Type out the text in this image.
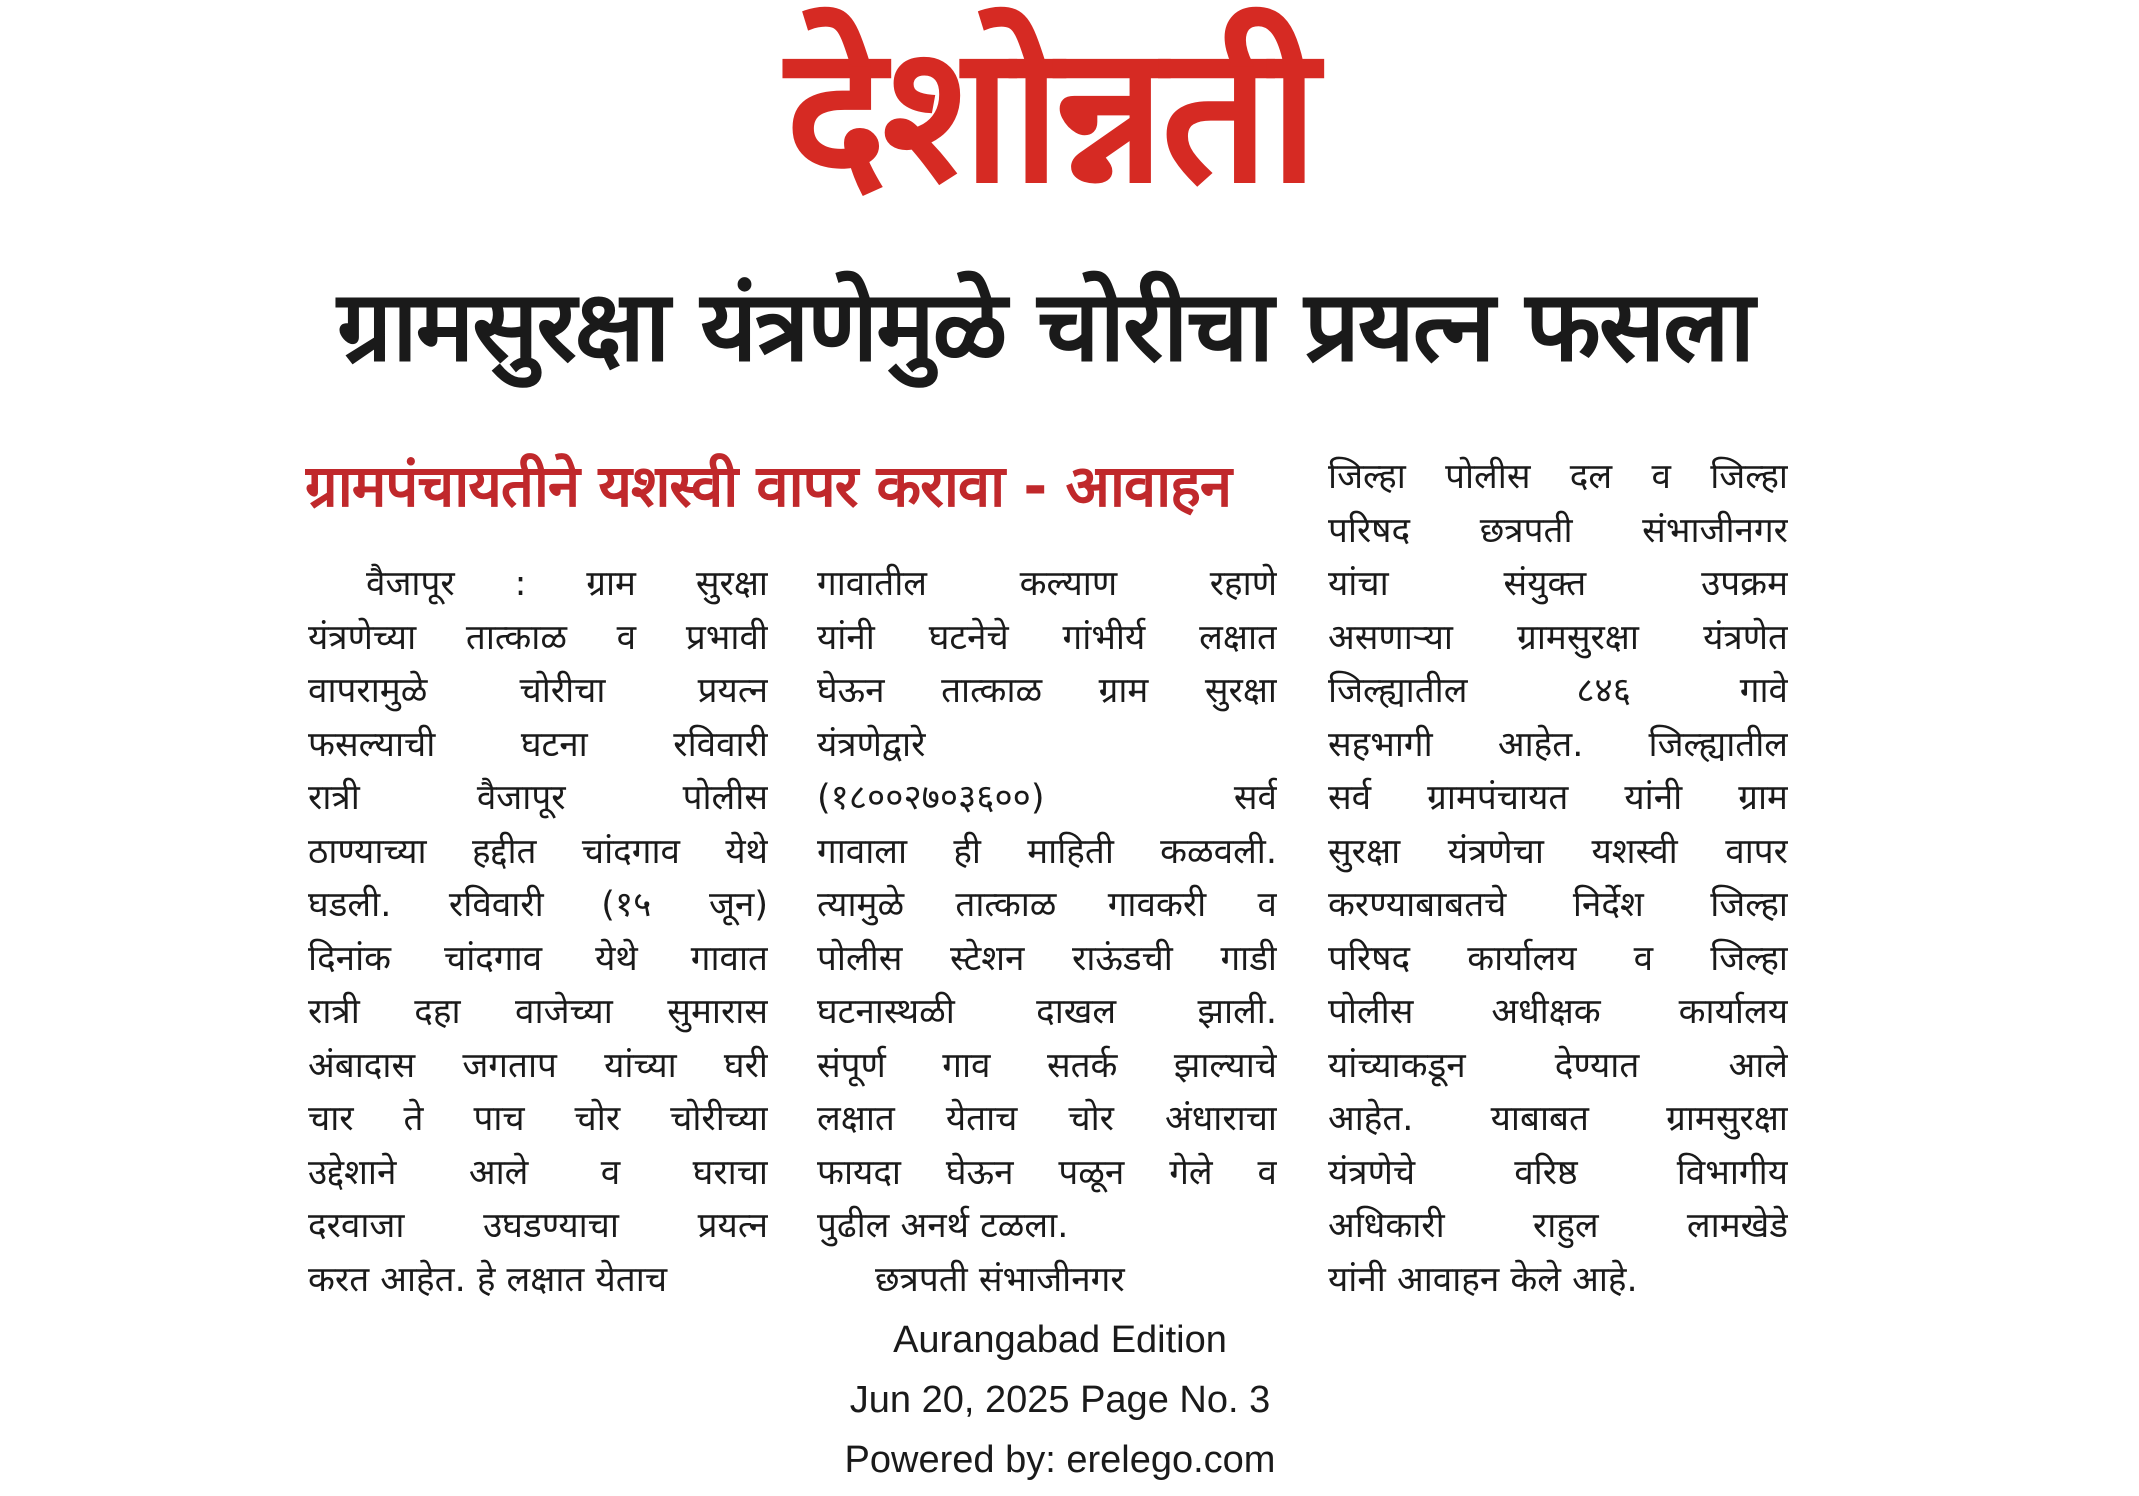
देशोन्नती
ग्रामसुरक्षा यंत्रणेमुळे चोरीचा प्रयत्न फसला
ग्रामपंचायतीने यशस्वी वापर करावा - आवाहन
वैजापूर : ग्राम सुरक्षा
यंत्रणेच्या तात्काळ व प्रभावी
वापरामुळे चोरीचा प्रयत्न
फसल्याची घटना रविवारी
रात्री वैजापूर पोलीस
ठाण्याच्या हद्दीत चांदगाव येथे
घडली. रविवारी (१५ जून)
दिनांक चांदगाव येथे गावात
रात्री दहा वाजेच्या सुमारास
अंबादास जगताप यांच्या घरी
चार ते पाच चोर चोरीच्या
उद्देशाने आले व घराचा
दरवाजा उघडण्याचा प्रयत्न
करत आहेत. हे लक्षात येताच
गावातील कल्याण रहाणे
यांनी घटनेचे गांभीर्य लक्षात
घेऊन तात्काळ ग्राम सुरक्षा
यंत्रणेद्वारे
(१८००२७०३६००) सर्व
गावाला ही माहिती कळवली.
त्यामुळे तात्काळ गावकरी व
पोलीस स्टेशन राऊंडची गाडी
घटनास्थळी दाखल झाली.
संपूर्ण गाव सतर्क झाल्याचे
लक्षात येताच चोर अंधाराचा
फायदा घेऊन पळून गेले व
पुढील अनर्थ टळला.
छत्रपती संभाजीनगर
जिल्हा पोलीस दल व जिल्हा
परिषद छत्रपती संभाजीनगर
यांचा संयुक्त उपक्रम
असणाऱ्या ग्रामसुरक्षा यंत्रणेत
जिल्ह्यातील ८४६ गावे
सहभागी आहेत. जिल्ह्यातील
सर्व ग्रामपंचायत यांनी ग्राम
सुरक्षा यंत्रणेचा यशस्वी वापर
करण्याबाबतचे निर्देश जिल्हा
परिषद कार्यालय व जिल्हा
पोलीस अधीक्षक कार्यालय
यांच्याकडून देण्यात आले
आहेत. याबाबत ग्रामसुरक्षा
यंत्रणेचे वरिष्ठ विभागीय
अधिकारी राहुल लामखेडे
यांनी आवाहन केले आहे.
Aurangabad Edition
Jun 20, 2025 Page No. 3
Powered by: erelego.com
